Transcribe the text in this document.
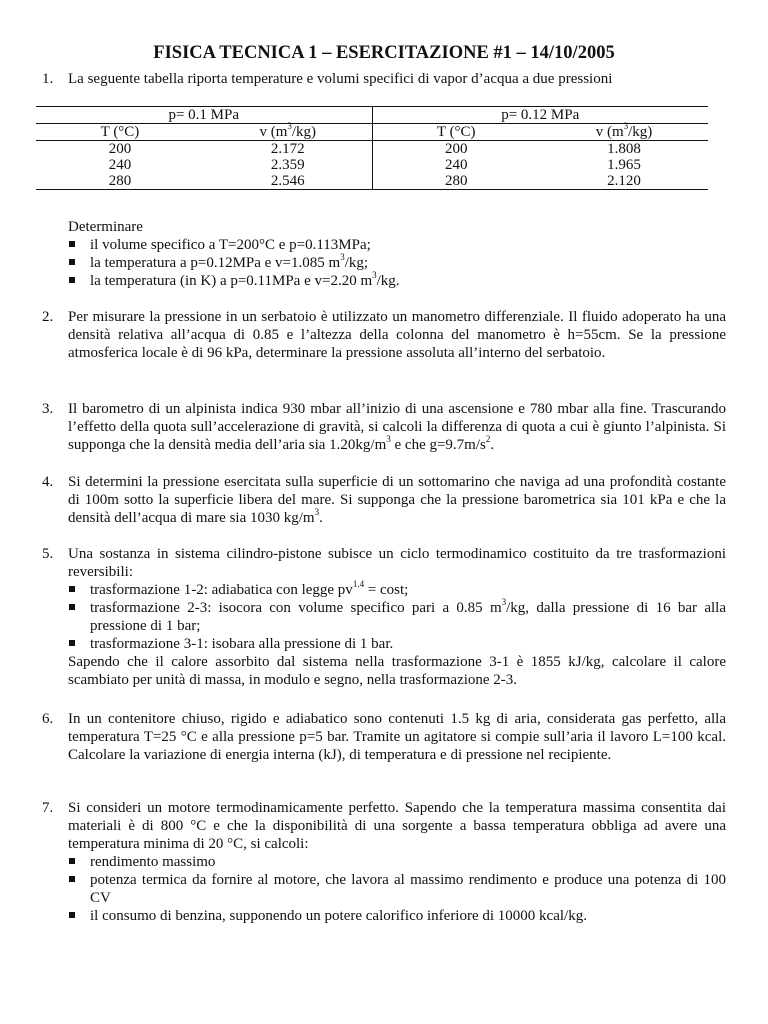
FISICA TECNICA 1 – ESERCITAZIONE #1 – 14/10/2005
1. La seguente tabella riporta temperature e volumi specifici di vapor d’acqua a due pressioni

p= 0.1 MPa		p= 0.12 MPa	
T (°C)	v $(m^3/kg)$	T (°C)	v $(m^3/kg)$
200	2.172	200	1.808
240	2.359	240	1.965
280	2.546	280	2.120

Determinare

il volume specifico a T=200°C e p=0.113MPa;
la temperatura a p=0.12MPa e v=1.085 $m^3/kg$;
la temperatura (in K) a p=0.11MPa e v=2.20 $m^3/kg$.
2. Per misurare la pressione in un serbatoio è utilizzato un manometro differenziale. Il fluido adoperato ha una densità relativa all’acqua di 0.85 e l’altezza della colonna del manometro è h=55cm. Se la pressione atmosferica locale è di 96 kPa, determinare la pressione assoluta all’interno del serbatoio.

3. Il barometro di un alpinista indica 930 mbar all’inizio di una ascensione e 780 mbar alla fine. Trascurando l’effetto della quota sull’accelerazione di gravità, si calcoli la differenza di quota a cui è giunto l’alpinista. Si supponga che la densità media dell’aria sia $1.20kg/m^3$ e che $g=9.7m/s^2$.

4. Si determini la pressione esercitata sulla superficie di un sottomarino che naviga ad una profondità costante di 100m sotto la superficie libera del mare. Si supponga che la pressione barometrica sia 101 kPa e che la densità dell’acqua di mare sia 1030 $kg/m^3$.

5. Una sostanza in sistema cilindro-pistone subisce un ciclo termodinamico costituito da tre trasformazioni reversibili:

trasformazione 1-2: adiabatica con legge $pv^{1.4} = \cos t$;
trasformazione 2-3: isocora con volume specifico pari a 0.85 $m^3/kg$, dalla pressione di 16 bar alla pressione di 1 bar;
trasformazione 3-1: isobara alla pressione di 1 bar.

Sapendo che il calore assorbito dal sistema nella trasformazione 3-1 è 1855 kJ/kg, calcolare il calore scambiato per unità di massa, in modulo e segno, nella trasformazione 2-3.

6. In un contenitore chiuso, rigido e adiabatico sono contenuti 1.5 kg di aria, considerata gas perfetto, alla temperatura T=25 °C e alla pressione p=5 bar. Tramite un agitatore si compie sull’aria il lavoro L=100 kcal. Calcolare la variazione di energia interna (kJ), di temperatura e di pressione nel recipiente.

7. Si consideri un motore termodinamicamente perfetto. Sapendo che la temperatura massima consentita dai materiali è di 800 °C e che la disponibilità di una sorgente a bassa temperatura obbliga ad avere una temperatura minima di 20 °C, si calcoli:

rendimento massimo
potenza termica da fornire al motore, che lavora al massimo rendimento e produce una potenza di 100 CV
il consumo di benzina, supponendo un potere calorifico inferiore di 10000 kcal/kg.
